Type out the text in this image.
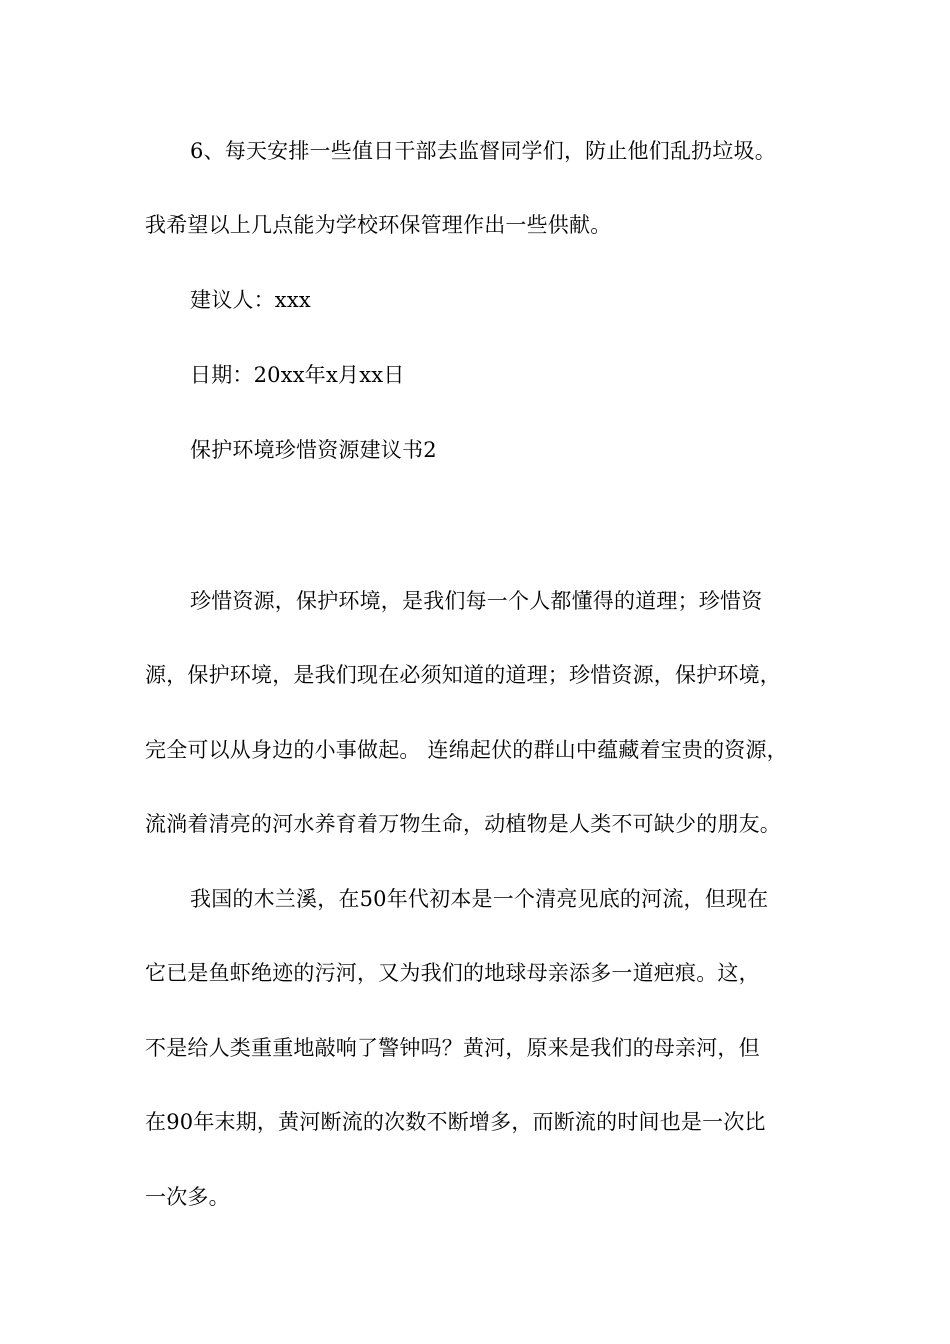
6、每天安排一些值日干部去监督同学们，防止他们乱扔垃圾。
我希望以上几点能为学校环保管理作出一些供献。
建议人：xxx
日期：20xx年x月xx日
保护环境珍惜资源建议书2
珍惜资源，保护环境，是我们每一个人都懂得的道理；珍惜资
源，保护环境，是我们现在必须知道的道理；珍惜资源，保护环境，
完全可以从身边的小事做起。 连绵起伏的群山中蕴藏着宝贵的资源，
流淌着清亮的河水养育着万物生命，动植物是人类不可缺少的朋友。
我国的木兰溪，在50年代初本是一个清亮见底的河流，但现在
它已是鱼虾绝迹的污河，又为我们的地球母亲添多一道疤痕。这，
不是给人类重重地敲响了警钟吗？黄河，原来是我们的母亲河，但
在90年末期，黄河断流的次数不断增多，而断流的时间也是一次比
一次多。
